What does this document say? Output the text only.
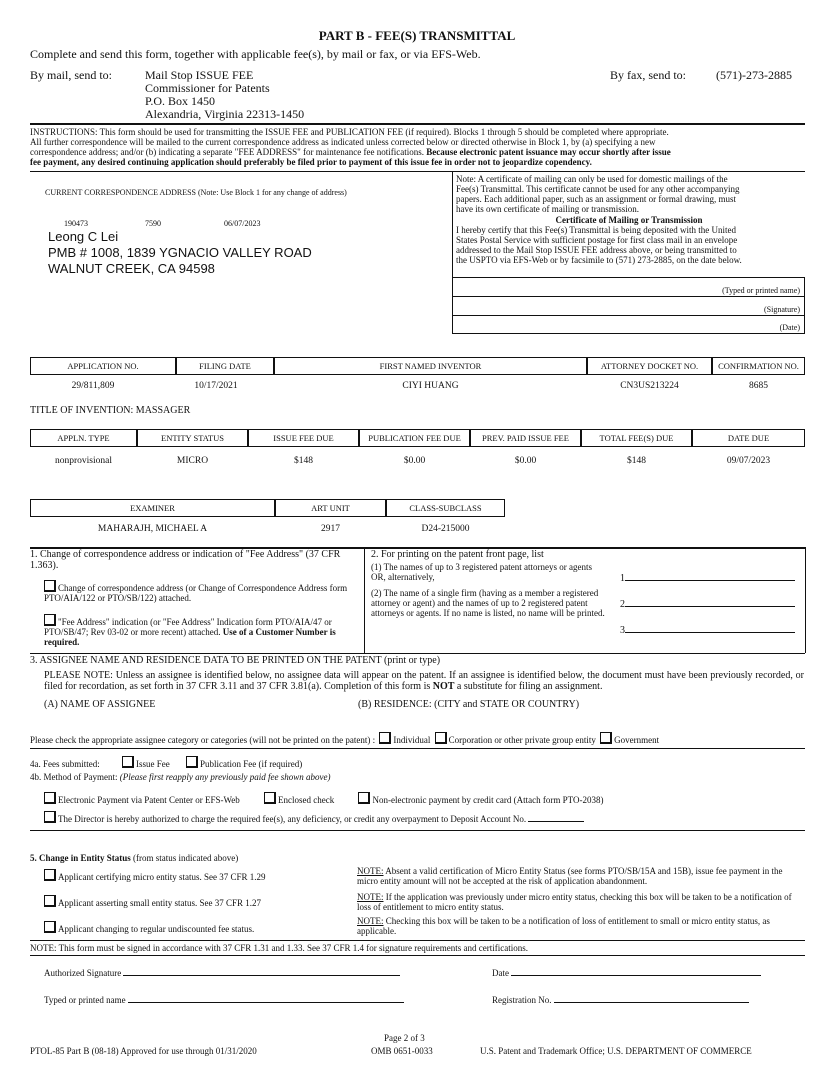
PART B - FEE(S) TRANSMITTAL
Complete and send this form, together with applicable fee(s), by mail or fax, or via EFS-Web.
By mail, send to:	Mail Stop ISSUE FEE
Commissioner for Patents
P.O. Box 1450
Alexandria, Virginia 22313-1450
By fax, send to:	(571)-273-2885
INSTRUCTIONS: This form should be used for transmitting the ISSUE FEE and PUBLICATION FEE (if required). Blocks 1 through 5 should be completed where appropriate.
All further correspondence will be mailed to the current correspondence address as indicated unless corrected below or directed otherwise in Block 1, by (a) specifying a new
correspondence address; and/or (b) indicating a separate "FEE ADDRESS" for maintenance fee notifications. Because electronic patent issuance may occur shortly after issue
fee payment, any desired continuing application should preferably be filed prior to payment of this issue fee in order not to jeopardize copendency.
CURRENT CORRESPONDENCE ADDRESS (Note: Use Block 1 for any change of address)
190473	7590	06/07/2023
Leong C Lei
PMB # 1008, 1839 YGNACIO VALLEY ROAD
WALNUT CREEK, CA 94598
Note: A certificate of mailing can only be used for domestic mailings of the
Fee(s) Transmittal. This certificate cannot be used for any other accompanying
papers. Each additional paper, such as an assignment or formal drawing, must
have its own certificate of mailing or transmission.
Certificate of Mailing or Transmission
I hereby certify that this Fee(s) Transmittal is being deposited with the United
States Postal Service with sufficient postage for first class mail in an envelope
addressed to the Mail Stop ISSUE FEE address above, or being transmitted to
the USPTO via EFS-Web or by facsimile to (571) 273-2885, on the date below.
(Typed or printed name)
(Signature)
(Date)
APPLICATION NO.	FILING DATE	FIRST NAMED INVENTOR	ATTORNEY DOCKET NO.	CONFIRMATION NO.
29/811,809	10/17/2021	CIYI HUANG	CN3US213224	8685
TITLE OF INVENTION: MASSAGER
APPLN. TYPE	ENTITY STATUS	ISSUE FEE DUE	PUBLICATION FEE DUE	PREV. PAID ISSUE FEE	TOTAL FEE(S) DUE	DATE DUE
nonprovisional	MICRO	$148	$0.00	$0.00	$148	09/07/2023
EXAMINER	ART UNIT	CLASS-SUBCLASS
MAHARAJH, MICHAEL A	2917	D24-215000
1. Change of correspondence address or indication of "Fee Address" (37 CFR 1.363).
Change of correspondence address (or Change of Correspondence Address form PTO/AIA/122 or PTO/SB/122) attached.
"Fee Address" indication (or "Fee Address" Indication form PTO/AIA/47 or PTO/SB/47; Rev 03-02 or more recent) attached. Use of a Customer Number is required.
2. For printing on the patent front page, list
(1) The names of up to 3 registered patent attorneys or agents OR, alternatively,
(2) The name of a single firm (having as a member a registered attorney or agent) and the names of up to 2 registered patent attorneys or agents. If no name is listed, no name will be printed.
1
2
3
3. ASSIGNEE NAME AND RESIDENCE DATA TO BE PRINTED ON THE PATENT (print or type)
PLEASE NOTE: Unless an assignee is identified below, no assignee data will appear on the patent. If an assignee is identified below, the document must have been previously recorded, or filed for recordation, as set forth in 37 CFR 3.11 and 37 CFR 3.81(a). Completion of this form is NOT a substitute for filing an assignment.
(A) NAME OF ASSIGNEE	(B) RESIDENCE: (CITY and STATE OR COUNTRY)
Please check the appropriate assignee category or categories (will not be printed on the patent) : Individual Corporation or other private group entity Government
4a. Fees submitted:	Issue Fee	Publication Fee (if required)
4b. Method of Payment: (Please first reapply any previously paid fee shown above)
Electronic Payment via Patent Center or EFS-Web	Enclosed check	Non-electronic payment by credit card (Attach form PTO-2038)
The Director is hereby authorized to charge the required fee(s), any deficiency, or credit any overpayment to Deposit Account No.
5. Change in Entity Status (from status indicated above)
Applicant certifying micro entity status. See 37 CFR 1.29
Applicant asserting small entity status. See 37 CFR 1.27
Applicant changing to regular undiscounted fee status.
NOTE: Absent a valid certification of Micro Entity Status (see forms PTO/SB/15A and 15B), issue fee payment in the micro entity amount will not be accepted at the risk of application abandonment.
NOTE: If the application was previously under micro entity status, checking this box will be taken to be a notification of loss of entitlement to micro entity status.
NOTE: Checking this box will be taken to be a notification of loss of entitlement to small or micro entity status, as applicable.
NOTE: This form must be signed in accordance with 37 CFR 1.31 and 1.33. See 37 CFR 1.4 for signature requirements and certifications.
Authorized Signature	Date
Typed or printed name	Registration No.
Page 2 of 3
PTOL-85 Part B (08-18) Approved for use through 01/31/2020	OMB 0651-0033	U.S. Patent and Trademark Office; U.S. DEPARTMENT OF COMMERCE
